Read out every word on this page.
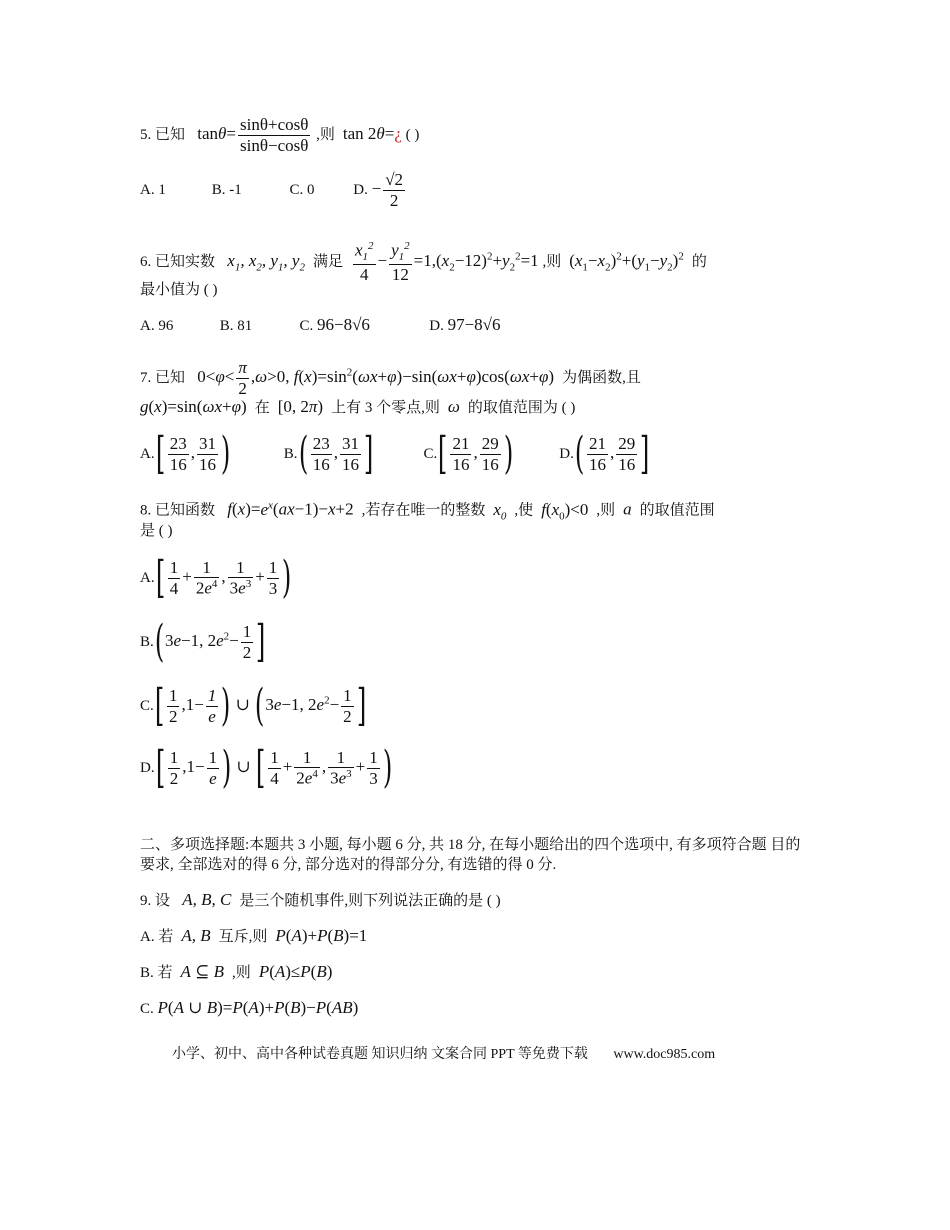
5. 已知   $\tan\theta= \frac{\sin\theta+\cos\theta}{\sin\theta-\cos\theta}$ ,则  tan 2θ=¿ ( )
A. 1	B. -1	C. 0	D. − $\frac{√2}{2}$
6. 已知实数   $x_1$, $x_2$, $y_1$, $y_2$ 满足 $\frac{x_1^2}{4} - \frac{y_1^2}{12} =1,(x_2-12)^2+y_2^2=1$ ,则  $(x_1-x_2)^2+(y_1-y_2)^2$ 的
最小值为 ( )
A. 96	B. 81	C. 96−8√6	D. 97−8√6
7. 已知   $0<\varphi< \frac{\pi}{2} ,\omega>0$, $f(x)=\sin^2(\omega x+\varphi)-\sin(\omega x+\varphi)\cos(\omega x+\varphi)$  为偶函数,且
g(x)=sin(ωx+φ)  在  [0, 2π)  上有 3 个零点,则  ω  的取值范围为 ( )
$A.[ \frac{23}{16}$ , $\frac{31}{16}$ )	$B.( \frac{23}{16}$ , $\frac{31}{16}$ ]	$C.[ \frac{21}{16}$ , $\frac{29}{16}$ )	$D.( \frac{21}{16}$ , $\frac{29}{16}$ ]
8. 已知函数 $f(x)=e^x(ax-1)-x+2$  ,若存在唯一的整数  $x_0$ ,使 $f(x_0)<0$  ,则  a  的取值范围
是 ( )
$A.[ \frac{1}{4} + \frac{1}{2e^4}$ , $\frac{1}{3e^3} + \frac{1}{3}$ )
B.(3e−1, $2e^2- \frac{1}{2}$ ]
$C.[ \frac{1}{2} ,1- \frac{1}{e}$ ) ∪ (3e−1, $2e^2- \frac{1}{2}$ ]
$D.[ \frac{1}{2} ,1- \frac{1}{e}$ ) ∪ [ $\frac{1}{4} + \frac{1}{2e^4}$ , $\frac{1}{3e^3} + \frac{1}{3}$ )
二、多项选择题:本题共 3 小题, 每小题 6 分, 共 18 分, 在每小题给出的四个选项中, 有多项符合题 目的要求, 全部选对的得 6 分, 部分选对的得部分分, 有选错的得 0 分.
9. 设   A, B, C  是三个随机事件,则下列说法正确的是 ( )
A. 若  A, B  互斥,则 P(A)+P(B)=1
B. 若 A ⊆ B ,则 P(A)≤P(B)
C. P(A ∪ B)=P(A)+P(B)−P(AB)
小学、初中、高中各种试卷真题 知识归纳 文案合同 PPT 等免费下载 www.doc985.com
